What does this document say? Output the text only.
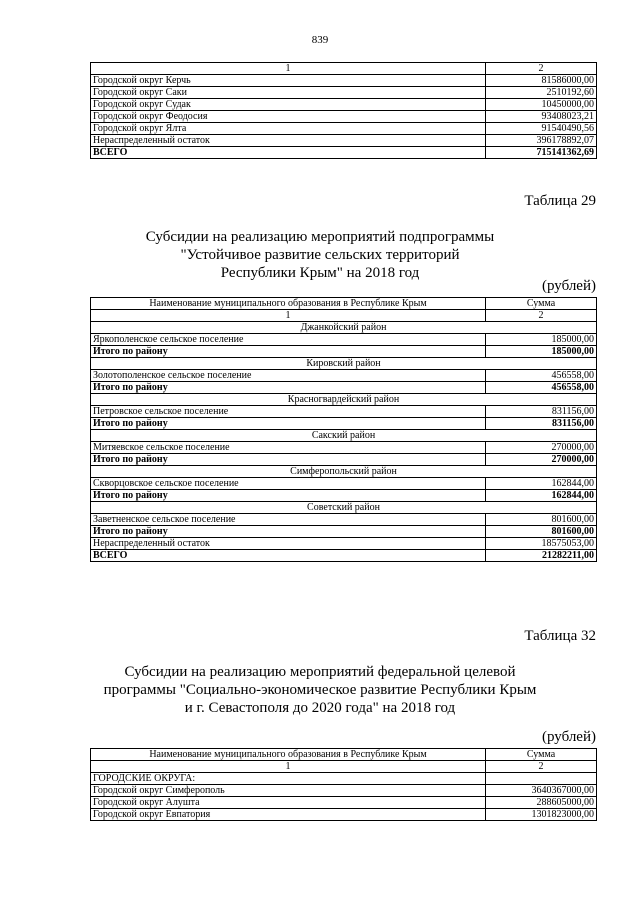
839
1	2
Городской округ Керчь	81586000,00
Городской округ Саки	2510192,60
Городской округ Судак	10450000,00
Городской округ Феодосия	93408023,21
Городской округ Ялта	91540490,56
Нераспределенный остаток	396178892,07
ВСЕГО	715141362,69
Таблица 29
Субсидии на реализацию мероприятий подпрограммы
"Устойчивое развитие сельских территорий
Республики Крым" на 2018 год
(рублей)
Наименование муниципального образования в Республике Крым	Сумма
1	2
Джанкойский район	
Яркополенское сельское поселение	185000,00
Итого по району	185000,00
Кировский район	
Золотополенское сельское поселение	456558,00
Итого по району	456558,00
Красногвардейский район	
Петровское сельское поселение	831156,00
Итого по району	831156,00
Сакский район	
Митяевское сельское поселение	270000,00
Итого по району	270000,00
Симферопольский район	
Скворцовское сельское поселение	162844,00
Итого по району	162844,00
Советский район	
Заветненское сельское поселение	801600,00
Итого по району	801600,00
Нераспределенный остаток	18575053,00
ВСЕГО	21282211,00
Таблица 32
Субсидии на реализацию мероприятий федеральной целевой
программы "Социально-экономическое развитие Республики Крым
и г. Севастополя до 2020 года" на 2018 год
(рублей)
Наименование муниципального образования в Республике Крым	Сумма
1	2
ГОРОДСКИЕ ОКРУГА:	
Городской округ Симферополь	3640367000,00
Городской округ Алушта	288605000,00
Городской округ Евпатория	1301823000,00
